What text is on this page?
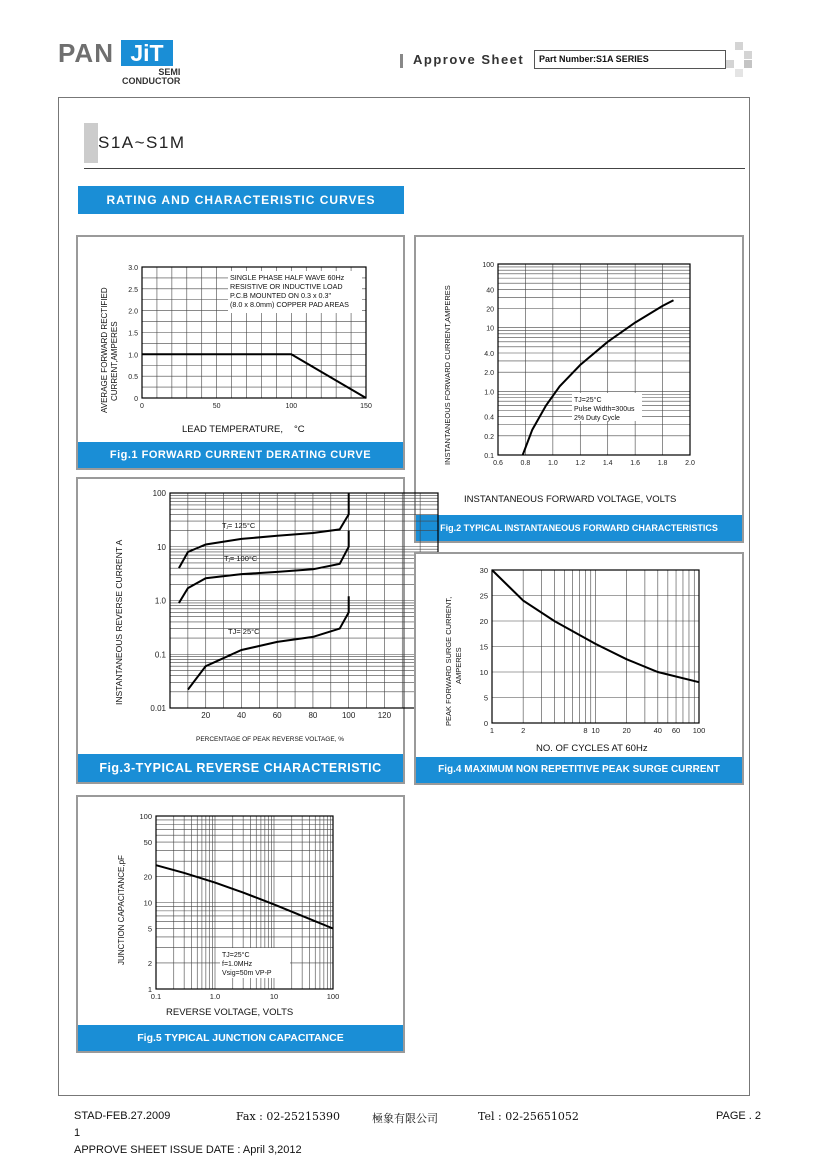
PAN JiT
SEMI
CONDUCTOR
Approve Sheet	Part Number:S1A SERIES
S1A~S1M
RATING AND CHARACTERISTIC CURVES
0	50	100	150
0
0.5
1.0
1.5
2.0
2.5
3.0
SINGLE PHASE HALF WAVE 60Hz
RESISTIVE OR INDUCTIVE LOAD
P.C.B MOUNTED ON 0.3 x 0.3"
(8.0 x 8.0mm) COPPER PAD AREAS
AVERAGE FORWARD RECTIFIED CURRENT,AMPERES
LEAD TEMPERATURE, °C
Fig.1 FORWARD CURRENT DERATING CURVE
0.6	0.8	1.0	1.2	1.4	1.6	1.8	2.0
0.1
0.2
0.4
1.0
2.0
4.0
10
20
40
100
TJ=25°C
Pulse Width=300us
2% Duty Cycle
INSTANTANEOUS FORWARD CURRENT,AMPERES
INSTANTANEOUS FORWARD VOLTAGE, VOLTS
Fig.2 TYPICAL INSTANTANEOUS FORWARD CHARACTERISTICS
20	40	60	80	100	120
0.01
0.1
1.0
10
100
Tⱼ= 125°C
Tⱼ= 100°C
TJ= 25°C
INSTANTANEOUS REVERSE CURRENT A
PERCENTAGE OF PEAK REVERSE VOLTAGE, %
Fig.3-TYPICAL REVERSE CHARACTERISTIC
1	2	8 10	20	40 60 100
0
5
10
15
20
25
30
PEAK FORWARD SURGE CURRENT, AMPERES
NO. OF CYCLES AT 60Hz
Fig.4 MAXIMUM NON REPETITIVE PEAK SURGE CURRENT
0.1	1.0	10	100
1
2
5
10
20
50
100
TJ=25°C
f=1.0MHz
Vsig=50m VP-P
JUNCTION CAPACITANCE,pF
REVERSE VOLTAGE, VOLTS
Fig.5 TYPICAL JUNCTION CAPACITANCE
STAD-FEB.27.2009	Fax : 02-25215390	極象有限公司	Tel : 02-25651052	PAGE . 2
1
APPROVE SHEET ISSUE DATE : April 3,2012
